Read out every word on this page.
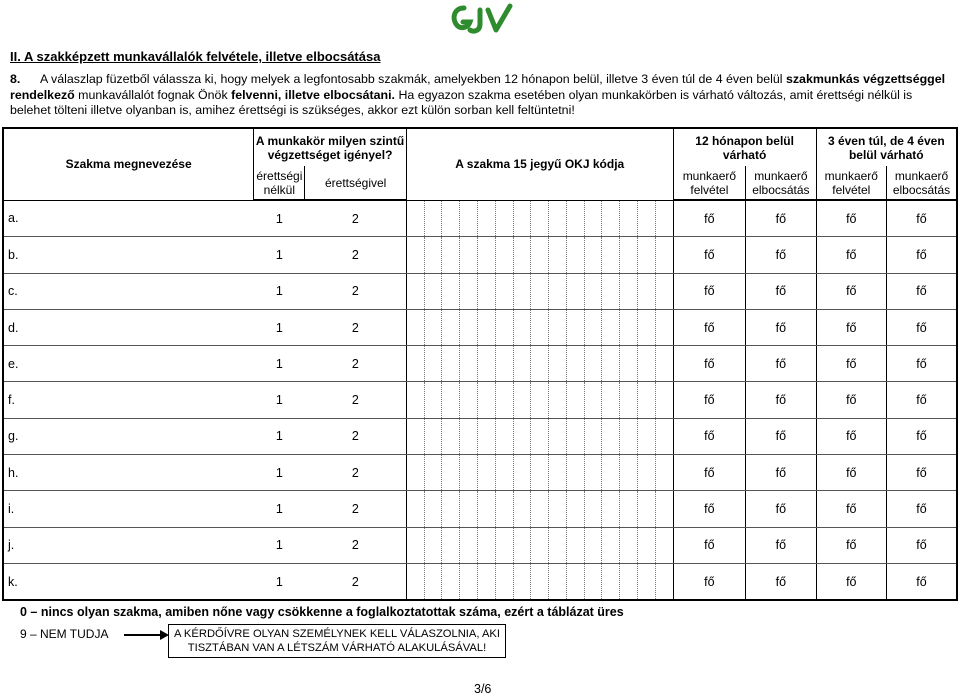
II. A szakképzett munkavállalók felvétele, illetve elbocsátása
8. A válaszlap füzetből válassza ki, hogy melyek a legfontosabb szakmák, amelyekben 12 hónapon belül, illetve 3 éven túl de 4 éven belül szakmunkás végzettséggel rendelkező munkavállalót fognak Önök felvenni, illetve elbocsátani. Ha egyazon szakma esetében olyan munkakörben is várható változás, amit érettségi nélkül is belehet tölteni illetve olyanban is, amihez érettségi is szükséges, akkor ezt külön sorban kell feltüntetni!
Szakma megnevezése	A munkakör milyen szintű végzettséget igényel?		A szakma 15 jegyű OKJ kódja	12 hónapon belül várható		3 éven túl, de 4 éven belül várható	
	érettségi nélkül	érettségivel		munkaerő felvétel	munkaerő elbocsátás	munkaerő felvétel	munkaerő elbocsátás
a.	1	2		fő	fő	fő	fő
b.	1	2		fő	fő	fő	fő
c.	1	2		fő	fő	fő	fő
d.	1	2		fő	fő	fő	fő
e.	1	2		fő	fő	fő	fő
f.	1	2		fő	fő	fő	fő
g.	1	2		fő	fő	fő	fő
h.	1	2		fő	fő	fő	fő
i.	1	2		fő	fő	fő	fő
j.	1	2		fő	fő	fő	fő
k.	1	2		fő	fő	fő	fő
0 – nincs olyan szakma, amiben nőne vagy csökkenne a foglalkoztatottak száma, ezért a táblázat üres
9 – NEM TUDJA	A KÉRDŐÍVRE OLYAN SZEMÉLYNEK KELL VÁLASZOLNIA, AKI TISZTÁBAN VAN A LÉTSZÁM VÁRHATÓ ALAKULÁSÁVAL!
3/6
